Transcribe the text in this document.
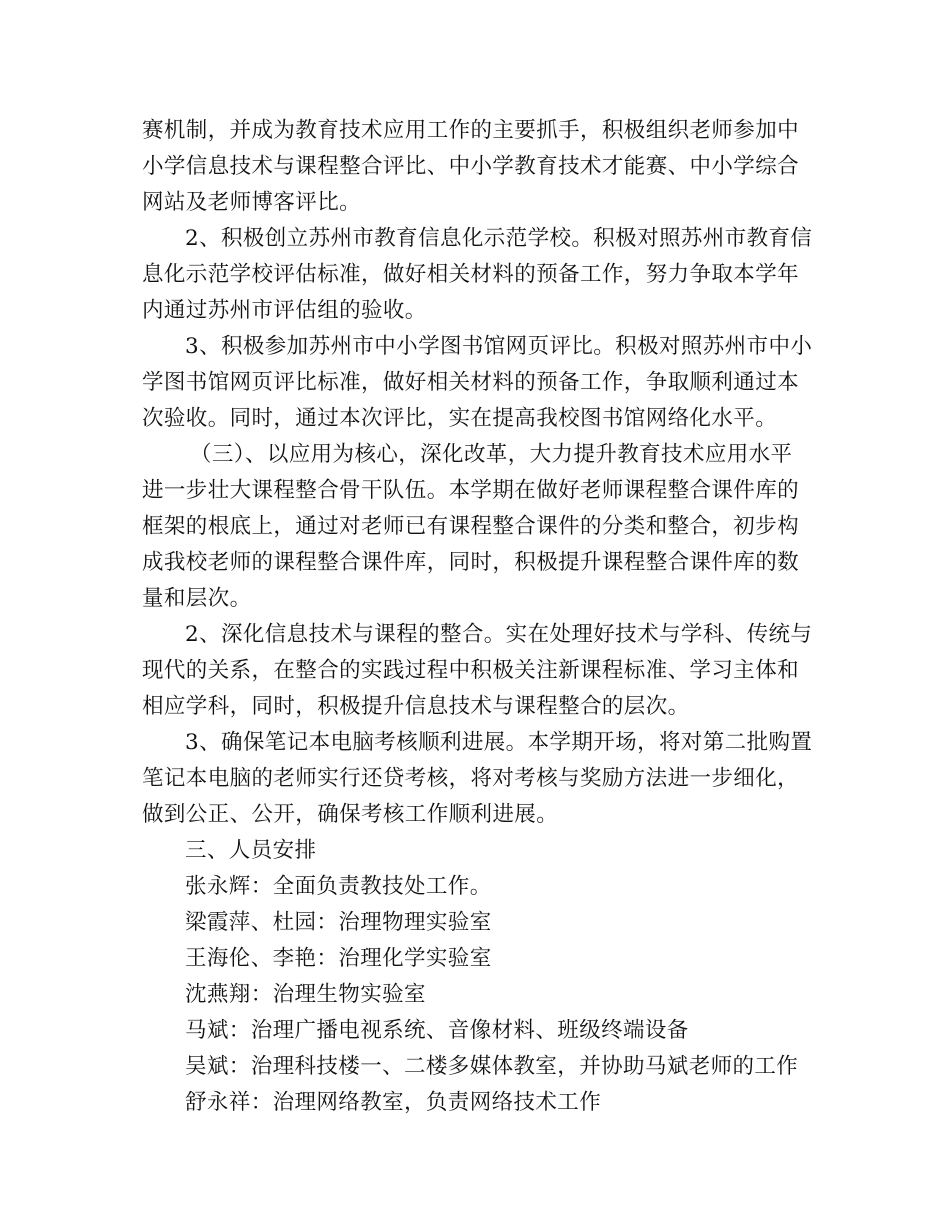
赛机制，并成为教育技术应用工作的主要抓手，积极组织老师参加中

小学信息技术与课程整合评比、中小学教育技术才能赛、中小学综合

网站及老师博客评比。

2、积极创立苏州市教育信息化示范学校。积极对照苏州市教育信

息化示范学校评估标准，做好相关材料的预备工作，努力争取本学年

内通过苏州市评估组的验收。

3、积极参加苏州市中小学图书馆网页评比。积极对照苏州市中小

学图书馆网页评比标准，做好相关材料的预备工作，争取顺利通过本

次验收。同时，通过本次评比，实在提高我校图书馆网络化水平。

（三）、以应用为核心，深化改革，大力提升教育技术应用水平

进一步壮大课程整合骨干队伍。本学期在做好老师课程整合课件库的

框架的根底上，通过对老师已有课程整合课件的分类和整合，初步构

成我校老师的课程整合课件库，同时，积极提升课程整合课件库的数

量和层次。

2、深化信息技术与课程的整合。实在处理好技术与学科、传统与

现代的关系，在整合的实践过程中积极关注新课程标准、学习主体和

相应学科，同时，积极提升信息技术与课程整合的层次。

3、确保笔记本电脑考核顺利进展。本学期开场，将对第二批购置

笔记本电脑的老师实行还贷考核，将对考核与奖励方法进一步细化，

做到公正、公开，确保考核工作顺利进展。

三、人员安排

张永辉：全面负责教技处工作。

梁霞萍、杜园：治理物理实验室

王海伦、李艳：治理化学实验室

沈燕翔：治理生物实验室

马斌：治理广播电视系统、音像材料、班级终端设备

吴斌：治理科技楼一、二楼多媒体教室，并协助马斌老师的工作

舒永祥：治理网络教室，负责网络技术工作
